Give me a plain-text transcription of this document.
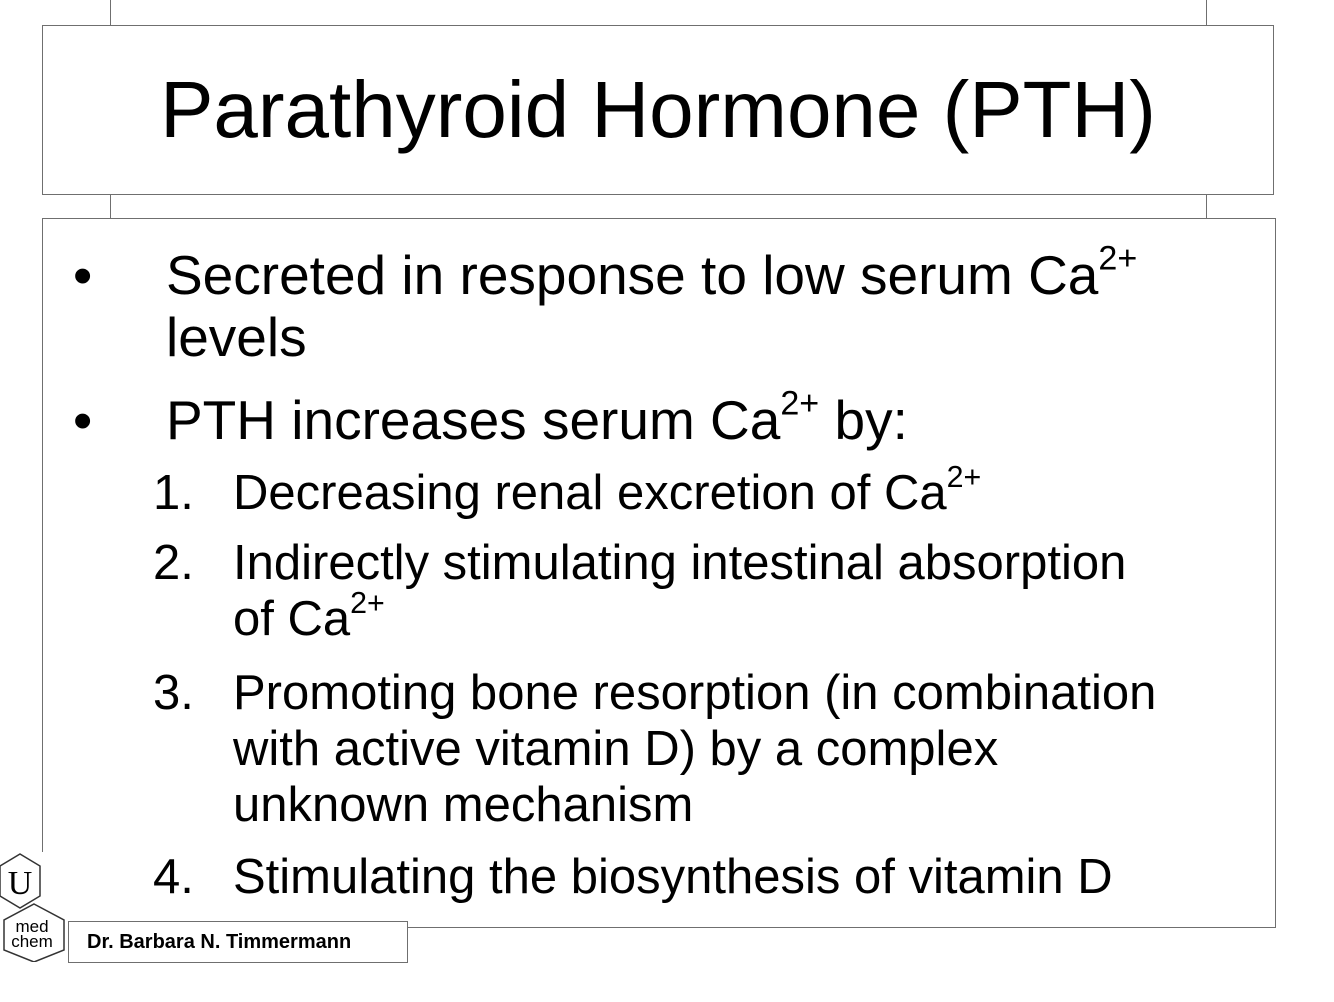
Parathyroid Hormone (PTH)
• Secreted in response to low serum $Ca^{2+}$
levels
• PTH increases serum $Ca^{2+}$ by:
1. Decreasing renal excretion of $Ca^{2+}$
2. Indirectly stimulating intestinal absorption
of $Ca^{2+}$
3. Promoting bone resorption (in combination
with active vitamin D) by a complex
unknown mechanism
4. Stimulating the biosynthesis of vitamin D
U
med
chem Dr. Barbara N. Timmermann
